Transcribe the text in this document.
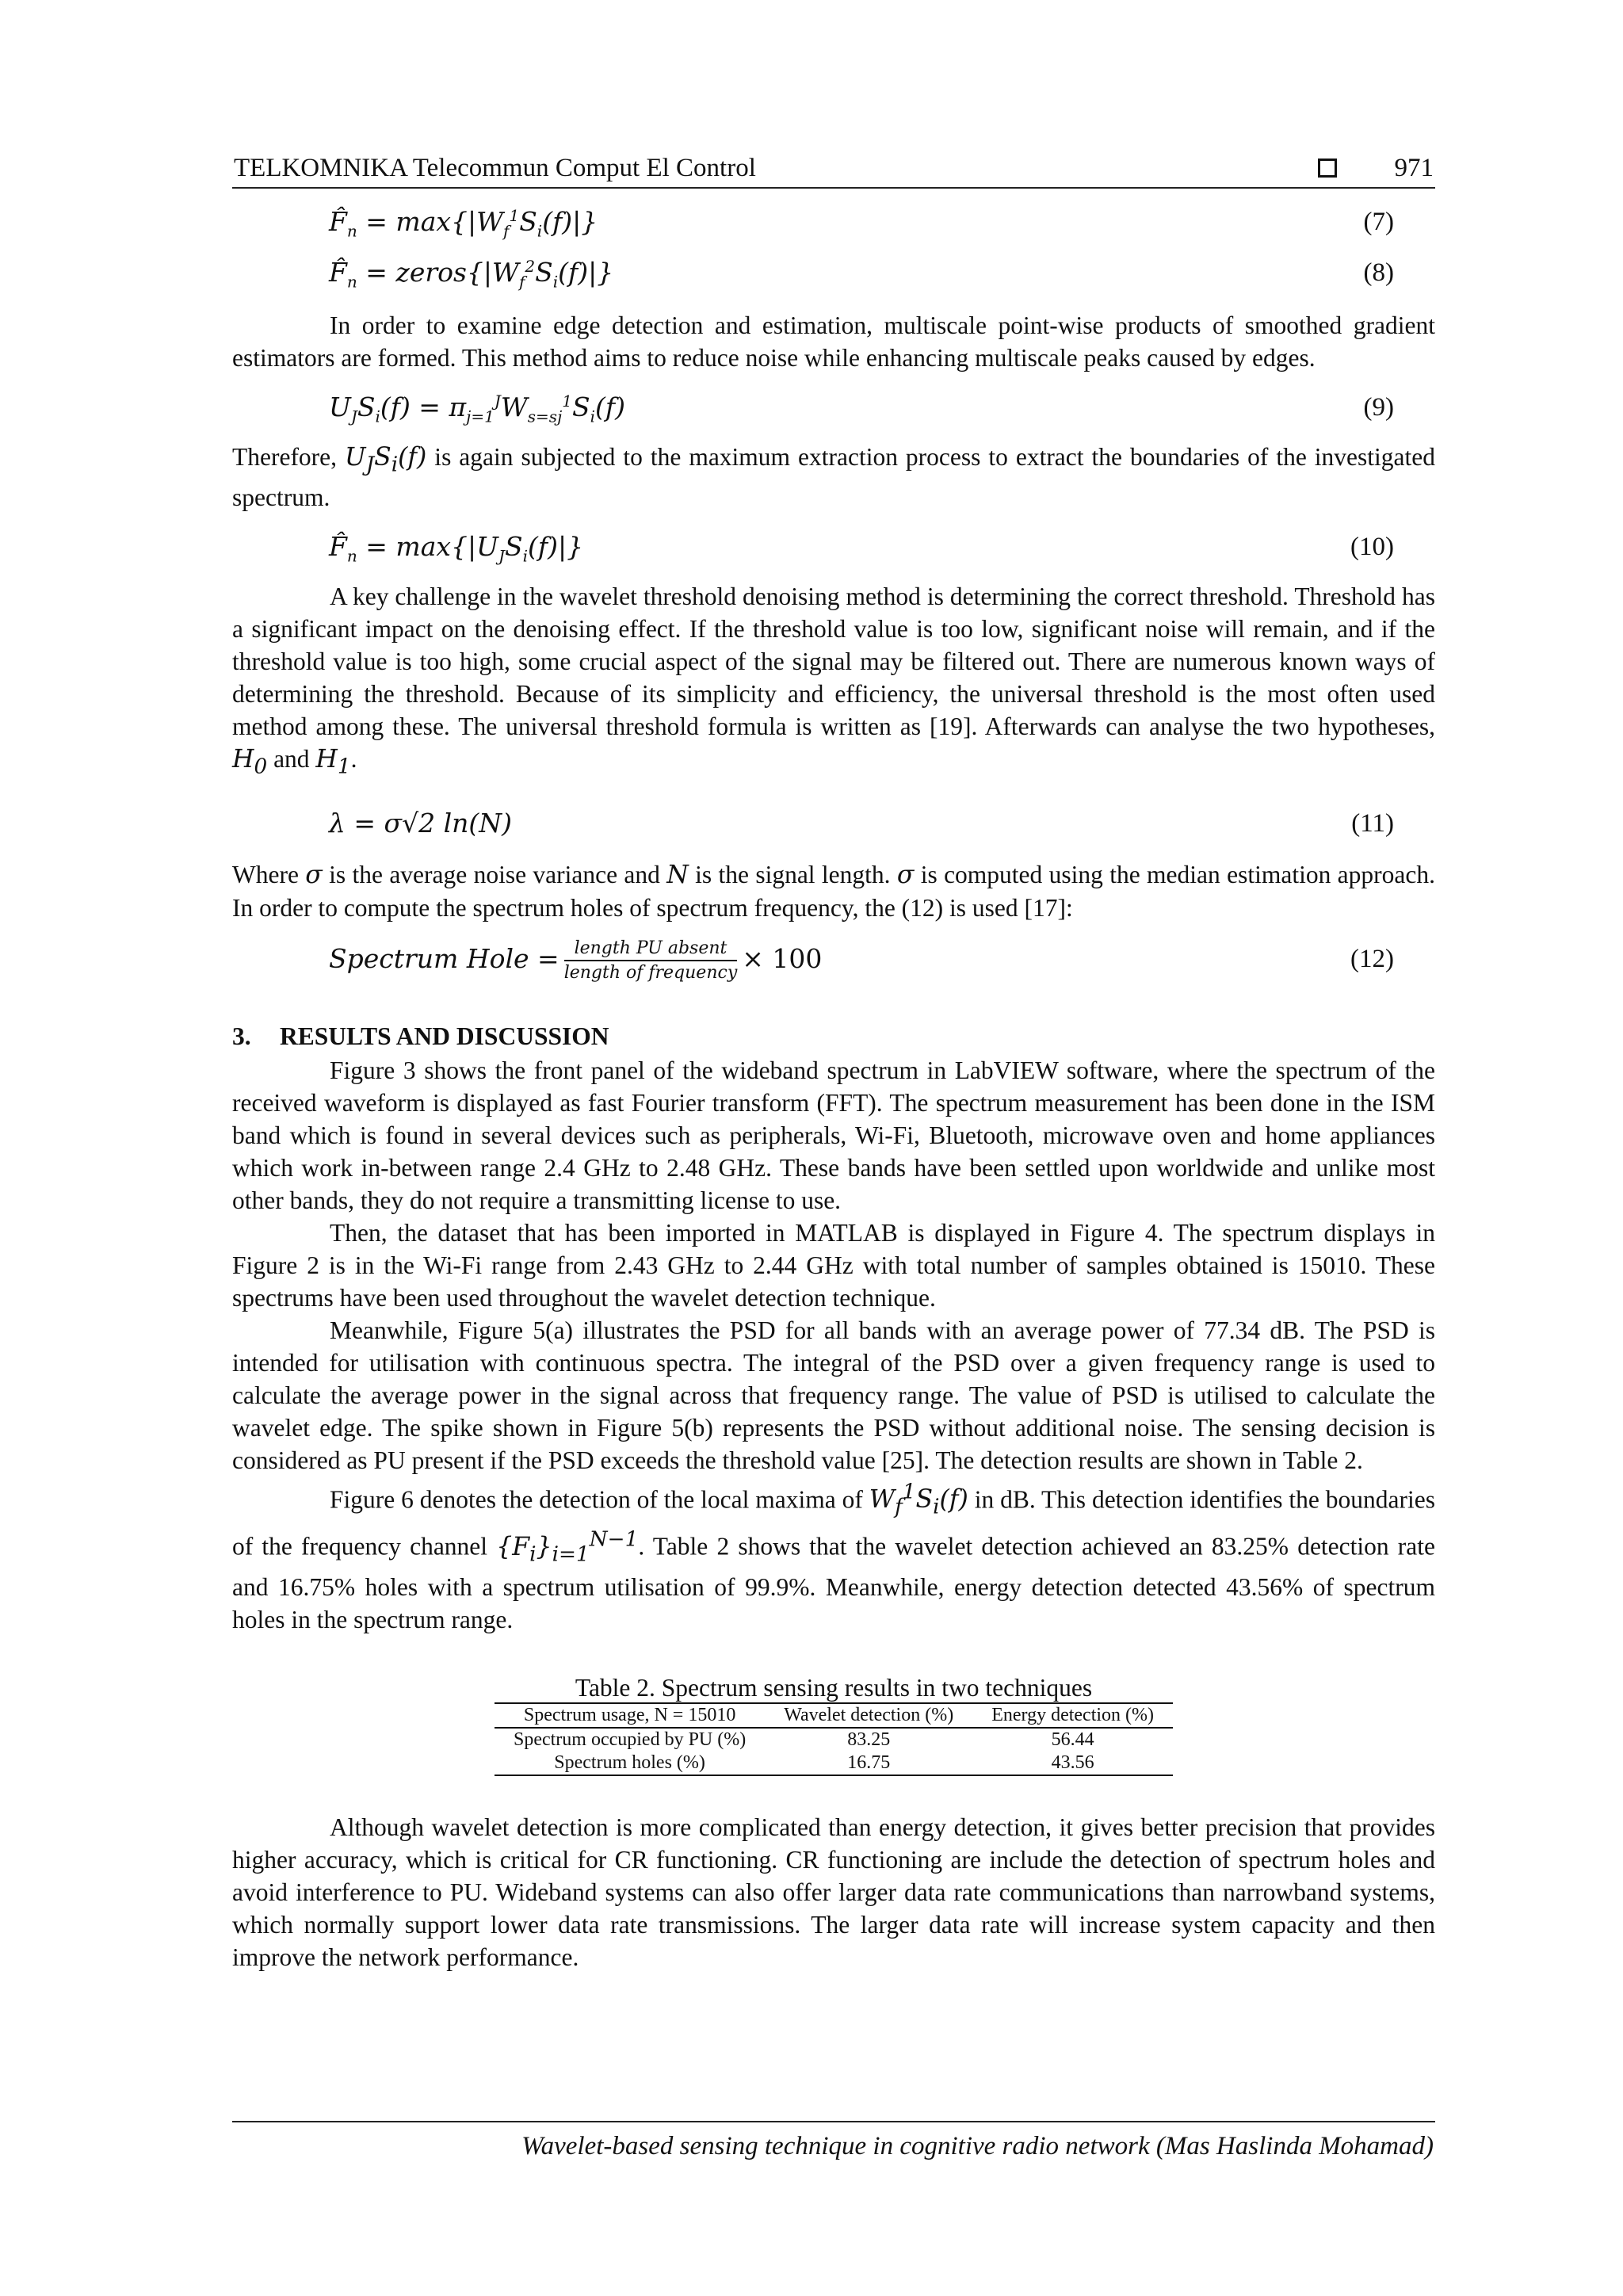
TELKOMNIKA Telecommun Comput El Control	971
$F̂_n = \max\{|W_f^1S_i(f)|\}$	(7)
$F̂_n$ = $zeros\{|W_f^2S_i(f)|\}$	(8)

In order to examine edge detection and estimation, multiscale point-wise products of smoothed gradient estimators are formed. This method aims to reduce noise while enhancing multiscale peaks caused by edges.

$U_JS_i(f) = \pi_{j=1}^JW_{s=sj}^1S_i(f)$	(9)

Therefore, $U_JS_i(f)$ is again subjected to the maximum extraction process to extract the boundaries of the investigated spectrum.

$F̂_n = \max\{|U_JS_i(f)|\}$	(10)

A key challenge in the wavelet threshold denoising method is determining the correct threshold. Threshold has a significant impact on the denoising effect. If the threshold value is too low, significant noise will remain, and if the threshold value is too high, some crucial aspect of the signal may be filtered out. There are numerous known ways of determining the threshold. Because of its simplicity and efficiency, the universal threshold is the most often used method among these. The universal threshold formula is written as [19]. Afterwards can analyse the two hypotheses, $H_0$ and $H_1$.

λ = σ√2 ln(N)	(11)

Where σ is the average noise variance and N is the signal length. σ is computed using the median estimation approach. In order to compute the spectrum holes of spectrum frequency, the (12) is used [17]:

Spectrum Hole = $\frac{\text{length PU absent}}{\text{length of frequency}} \times 100$	(12)
3. RESULTS AND DISCUSSION

Figure 3 shows the front panel of the wideband spectrum in LabVIEW software, where the spectrum of the received waveform is displayed as fast Fourier transform (FFT). The spectrum measurement has been done in the ISM band which is found in several devices such as peripherals, Wi-Fi, Bluetooth, microwave oven and home appliances which work in-between range 2.4 GHz to 2.48 GHz. These bands have been settled upon worldwide and unlike most other bands, they do not require a transmitting license to use.

Then, the dataset that has been imported in MATLAB is displayed in Figure 4. The spectrum displays in Figure 2 is in the Wi-Fi range from 2.43 GHz to 2.44 GHz with total number of samples obtained is 15010. These spectrums have been used throughout the wavelet detection technique.

Meanwhile, Figure 5(a) illustrates the PSD for all bands with an average power of 77.34 dB. The PSD is intended for utilisation with continuous spectra. The integral of the PSD over a given frequency range is used to calculate the average power in the signal across that frequency range. The value of PSD is utilised to calculate the wavelet edge. The spike shown in Figure 5(b) represents the PSD without additional noise. The sensing decision is considered as PU present if the PSD exceeds the threshold value [25]. The detection results are shown in Table 2.

Figure 6 denotes the detection of the local maxima of $W_f^1S_i(f)$ in dB. This detection identifies the boundaries of the frequency channel $\{F_i\}_{i=1}^{N-1}$. Table 2 shows that the wavelet detection achieved an 83.25% detection rate and 16.75% holes with a spectrum utilisation of 99.9%. Meanwhile, energy detection detected 43.56% of spectrum holes in the spectrum range.

Table 2. Spectrum sensing results in two techniques
Spectrum usage, N = 15010	Wavelet detection (%)	Energy detection (%)
Spectrum occupied by PU (%)	83.25	56.44
Spectrum holes (%)	16.75	43.56

Although wavelet detection is more complicated than energy detection, it gives better precision that provides higher accuracy, which is critical for CR functioning. CR functioning are include the detection of spectrum holes and avoid interference to PU. Wideband systems can also offer larger data rate communications than narrowband systems, which normally support lower data rate transmissions. The larger data rate will increase system capacity and then improve the network performance.

Wavelet-based sensing technique in cognitive radio network (Mas Haslinda Mohamad)
